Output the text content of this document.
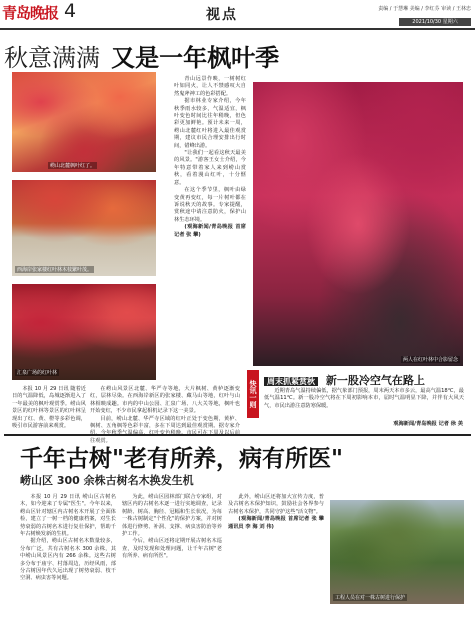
青岛晚报 4	视点	责编 / 于慧琳 美编 / 李红芬 审读 / 王林忠
2021/10/30 星期六
秋意满满 又是一年枫叶季
崂山北麓枫叶红了。
西海岸张家楼红叶林木枝繁叶茂。
汇泉广场的红叶林

本报 10 月 29 日讯 随着近日的气温降低，岛城逐渐进入了一年最美的枫叶观赏季。崂山风景区的红叶林等景区的红叶林呈现出了红、黄、橙等多彩色调，吸引市民游客前来观赏。

在崂山风景区北麓、华严寺等地，大片枫树、黄栌逐渐变红，层林尽染。在西海岸新区的张家楼、藏马山等地，红叶与山林相映成趣。市内的中山公园、汇泉广场、八大关等地，枫叶也开始变红，不少市民拿起相机记录下这一美景。

目前，崂山北麓、华严寺区域的红叶正处于变色期，黄栌、枫树、五角枫等色彩丰富，多在下周达到最佳观赏期。据专家介 往观赏。

青山远景作映，一树树红叶如同火，让人不禁感叹大自然鬼斧神工的色彩搭配。

据市林业专家介绍，今年秋季雨水较多，气温适宜，枫叶变色时间比往年稍晚，但色彩更加鲜艳。预计未来一周，崂山北麓红叶将进入最佳观赏期，建议市民合理安排出行时间，错峰出游。

"让我们一起看这秋天最美的风景。"游客王女士介绍，今年特意带着家人来到崂山赏秋，看着漫山红叶，十分惬意。

在这个季节里，枫叶由绿变黄再变红，每一片树叶都在诉说秋天的故事。专家提醒，赏秋途中请注意防火，保护山林生态环境。

(观海新闻/青岛晚报 首席记者 张 攀)

两人在红叶林中合影留念
快讯一则	周末抓紧赏秋 新一股冷空气在路上

近期青岛气温持续偏低，据气象部门预报，周末两天本市多云，最高气温18℃，最低气温11℃。新一股冷空气将在下周初影响本市，届时气温明显下降，并伴有大风天气，市民出游注意防寒保暖。

观海新闻/青岛晚报 记者 徐 美
千年古树"老有所养，病有所医"
崂山区 300 余株古树名木换发生机

本报 10 月 29 日讯 崂山区古树名木，如今迎来了专属"医生"。今年以来，崂山区针对辖区内古树名木开展了全面体检，建立了一树一档的健康档案，对生长势衰弱的古树名木进行复壮保护，帮助千年古树焕发新的生机。

据介绍，崂山区古树名木数量较多，分布广泛，共有古树名木 300 余株，其中崂山风景区内有 266 余株。这些古树多分布于庙宇、村落周边，历经风雨，部分古树因年代久远出现了树势衰弱、枝干空洞、病虫害等问题。

为此，崂山区园林部门联合专家组，对辖区内的古树名木逐一进行实地调查，记录树龄、树高、胸径、冠幅和生长状况，为每一株古树制定"个性化"的保护方案，并对树体进行修剪、补洞、支撑、病虫害防治等养护工作。

今后，崂山区还将定期开展古树名木巡查，及时发现和处理问题，让千年古树"老有所养、病有所医"。

此外，崂山区还将加大宣传力度，普及古树名木保护知识，鼓励社会各界参与古树名木保护，共同守护这些"活文物"。

(观海新闻/青岛晚报 首席记者 张 攀 通讯员 李 海 刘 伟)

工程人员在对一株古树进行保护
